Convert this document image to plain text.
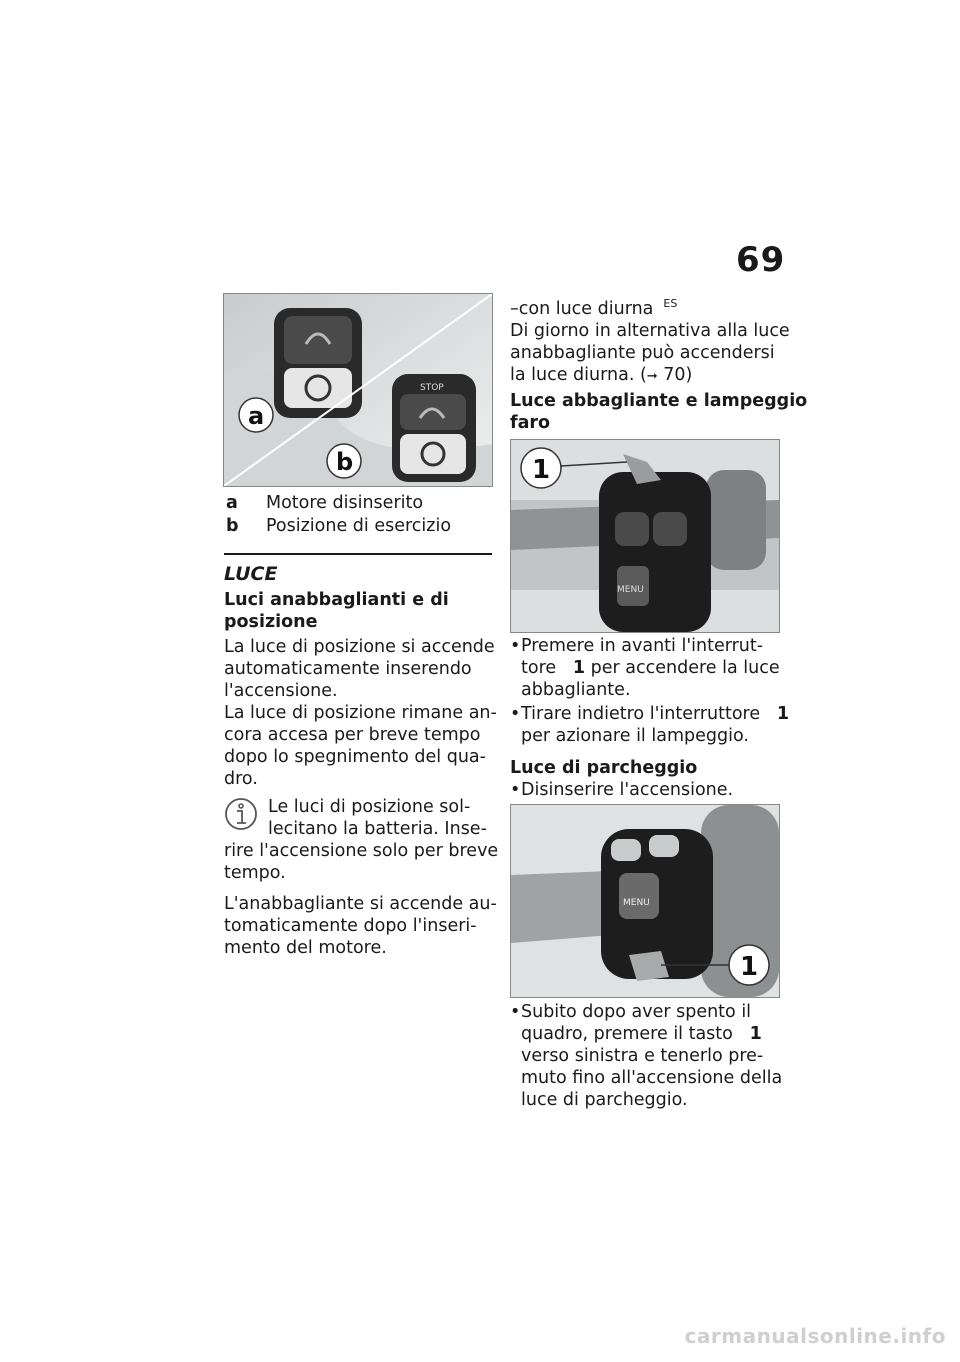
69
STOP
a
b
a Motore disinserito
b Posizione di esercizio
LUCE
Luci anabbaglianti e di
posizione
La luce di posizione si accende
automaticamente inserendo
l'accensione.
La luce di posizione rimane an-
cora accesa per breve tempo
dopo lo spegnimento del qua-
dro.
Le luci di posizione sol-
lecitano la batteria. Inse-
rire l'accensione solo per breve
tempo.
L'anabbagliante si accende au-
tomaticamente dopo l'inseri-
mento del motore.
–con luce diurna $^{ES}$
Di giorno in alternativa alla luce
anabbagliante può accendersi
la luce diurna. (➞ 70)
Luce abbagliante e lampeggio
faro
MENU
1
• Premere in avanti l'interrut-
tore 1 per accendere la luce
abbagliante.
• Tirare indietro l'interruttore 1
per azionare il lampeggio.
Luce di parcheggio
• Disinserire l'accensione.
MENU
1
• Subito dopo aver spento il
quadro, premere il tasto 1
verso sinistra e tenerlo pre-
muto fino all'accensione della
luce di parcheggio.
carmanualsonline.info
